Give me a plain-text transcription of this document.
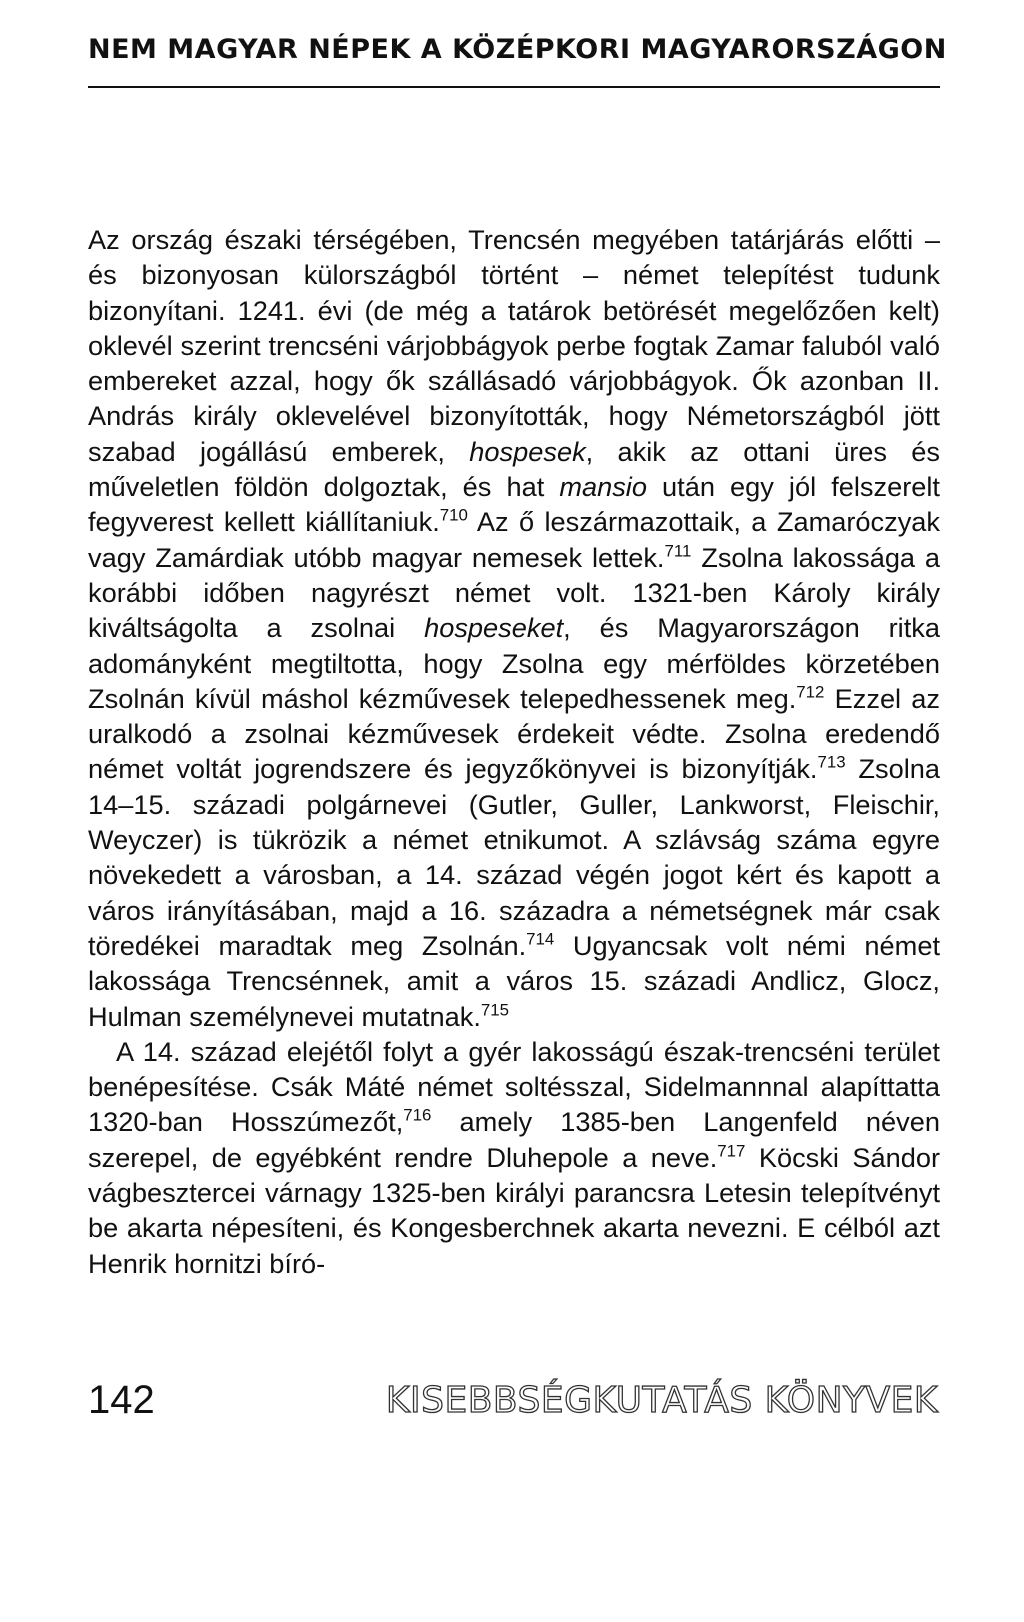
NEM MAGYAR NÉPEK A KÖZÉPKORI MAGYARORSZÁGON

Az ország északi térségében, Trencsén megyében tatárjárás előtti – és bizonyosan külországból történt – német telepítést tudunk bizonyítani. 1241. évi (de még a tatárok betörését megelőzően kelt) oklevél szerint trencséni várjobbágyok perbe fogtak Zamar faluból való embereket azzal, hogy ők szállásadó várjobbágyok. Ők azonban II. András király oklevelével bizonyították, hogy Németországból jött szabad jogállású emberek, hospesek, akik az ottani üres és műveletlen földön dolgoztak, és hat mansio után egy jól felszerelt fegyverest kellett kiállítaniuk.$^{710}$ Az ő leszármazottaik, a Zamaróczyak vagy Zamárdiak utóbb magyar nemesek lettek.$^{711}$ Zsolna lakossága a korábbi időben nagyrészt német volt. 1321-ben Károly király kiváltságolta a zsolnai hospeseket, és Magyarországon ritka adományként megtiltotta, hogy Zsolna egy mérföldes körzetében Zsolnán kívül máshol kézművesek telepedhessenek meg.$^{712}$ Ezzel az uralkodó a zsolnai kézművesek érdekeit védte. Zsolna eredendő német voltát jogrendszere és jegyzőkönyvei is bizonyítják.$^{713}$ Zsolna 14–15. századi polgárnevei (Gutler, Guller, Lankworst, Fleischir, Weyczer) is tükrözik a német etnikumot. A szlávság száma egyre növekedett a városban, a 14. század végén jogot kért és kapott a város irányításában, majd a 16. századra a németségnek már csak töredékei maradtak meg Zsolnán.$^{714}$ Ugyancsak volt némi német lakossága Trencsénnek, amit a város 15. századi Andlicz, Glocz, Hulman személynevei mutatnak.$^{715}$

A 14. század elejétől folyt a gyér lakosságú észak-trencséni terület benépesítése. Csák Máté német soltésszal, Sidelmannnal alapíttatta 1320-ban Hosszúmezőt,$^{716}$ amely 1385-ben Langenfeld néven szerepel, de egyébként rendre Dluhepole a neve.$^{717}$ Köcski Sándor vágbesztercei várnagy 1325-ben királyi parancsra Letesin telepítvényt be akarta népesíteni, és Kongesberchnek akarta nevezni. E célból azt Henrik hornitzi bíró-

142	KISEBBSÉGKUTATÁS KÖNYVEK
